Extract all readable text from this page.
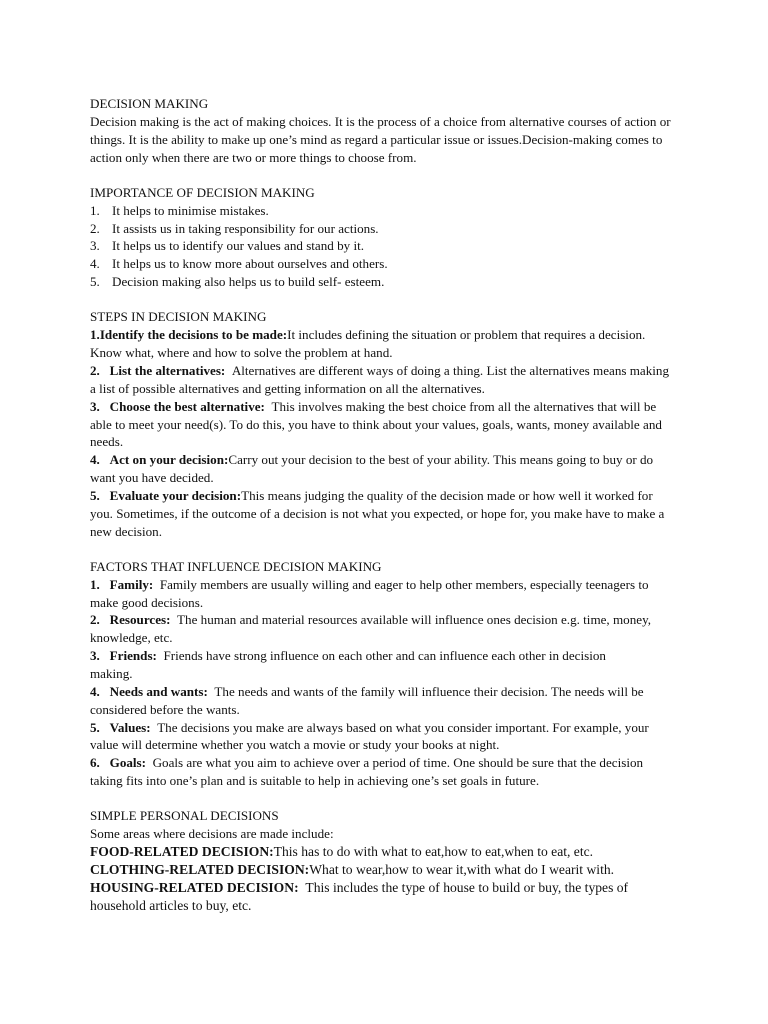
DECISION MAKING

Decision making is the act of making choices. It is the process of a choice from alternative courses of action or things. It is the ability to make up one’s mind as regard a particular issue or issues.Decision-making comes to action only when there are two or more things to choose from.

IMPORTANCE OF DECISION MAKING

1. It helps to minimise mistakes.
2. It assists us in taking responsibility for our actions.
3. It helps us to identify our values and stand by it.
4. It helps us to know more about ourselves and others.
5. Decision making also helps us to build self- esteem.

STEPS IN DECISION MAKING

1.Identify the decisions to be made:It includes defining the situation or problem that requires a decision. Know what, where and how to solve the problem at hand.

2.   List the alternatives:  Alternatives are different ways of doing a thing. List the alternatives means making a list of possible alternatives and getting information on all the alternatives.

3.   Choose the best alternative:  This involves making the best choice from all the alternatives that will be able to meet your need(s). To do this, you have to think about your values, goals, wants, money available and needs.

4.   Act on your decision:Carry out your decision to the best of your ability. This means going to buy or do want you have decided.

5.   Evaluate your decision:This means judging the quality of the decision made or how well it worked for you. Sometimes, if the outcome of a decision is not what you expected, or hope for, you make have to make a new decision.

FACTORS THAT INFLUENCE DECISION MAKING

1.   Family:  Family members are usually willing and eager to help other members, especially teenagers to make good decisions.

2.   Resources:  The human and material resources available will influence ones decision e.g. time, money, knowledge, etc.

3.   Friends:  Friends have strong influence on each other and can influence each other in decision

making.

4.   Needs and wants:  The needs and wants of the family will influence their decision. The needs will be considered before the wants.

5.   Values:  The decisions you make are always based on what you consider important. For example, your value will determine whether you watch a movie or study your books at night.

6.   Goals:  Goals are what you aim to achieve over a period of time. One should be sure that the decision taking fits into one’s plan and is suitable to help in achieving one’s set goals in future.

SIMPLE PERSONAL DECISIONS

Some areas where decisions are made include:

FOOD-RELATED DECISION:This has to do with what to eat,how to eat,when to eat, etc.

CLOTHING-RELATED DECISION:What to wear,how to wear it,with what do I wearit with.

HOUSING-RELATED DECISION:  This includes the type of house to build or buy, the types of household articles to buy, etc.
